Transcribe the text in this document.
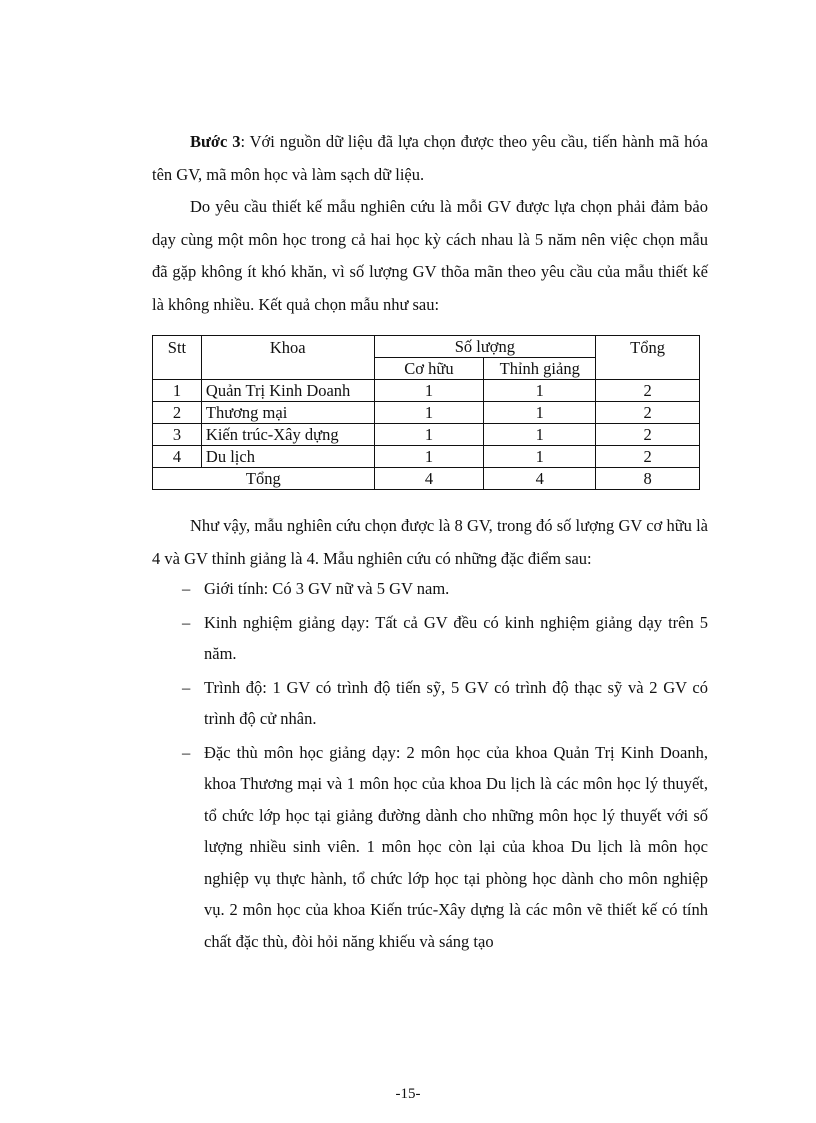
Bước 3: Với nguồn dữ liệu đã lựa chọn được theo yêu cầu, tiến hành mã hóa tên GV, mã môn học và làm sạch dữ liệu.

Do yêu cầu thiết kế mẫu nghiên cứu là mỗi GV được lựa chọn phải đảm bảo dạy cùng một môn học trong cả hai học kỳ cách nhau là 5 năm nên việc chọn mẫu đã gặp không ít khó khăn, vì số lượng GV thõa mãn theo yêu cầu của mẫu thiết kế là không nhiều. Kết quả chọn mẫu như sau:

Stt	Khoa	Số lượng		Tổng
		Cơ hữu	Thỉnh giảng	
1	Quản Trị Kinh Doanh	1	1	2
2	Thương mại	1	1	2
3	Kiến trúc-Xây dựng	1	1	2
4	Du lịch	1	1	2
Tổng		4	4	8

Như vậy, mẫu nghiên cứu chọn được là 8 GV, trong đó số lượng GV cơ hữu là 4 và GV thỉnh giảng là 4. Mẫu nghiên cứu có những đặc điểm sau:

– Giới tính: Có 3 GV nữ và 5 GV nam.
– Kinh nghiệm giảng dạy: Tất cả GV đều có kinh nghiệm giảng dạy trên 5 năm.
– Trình độ: 1 GV có trình độ tiến sỹ, 5 GV có trình độ thạc sỹ và 2 GV có trình độ cử nhân.
– Đặc thù môn học giảng dạy: 2 môn học của khoa Quản Trị Kinh Doanh, khoa Thương mại và 1 môn học của khoa Du lịch là các môn học lý thuyết, tổ chức lớp học tại giảng đường dành cho những môn học lý thuyết với số lượng nhiều sinh viên. 1 môn học còn lại của khoa Du lịch là môn học nghiệp vụ thực hành, tổ chức lớp học tại phòng học dành cho môn nghiệp vụ. 2 môn học của khoa Kiến trúc-Xây dựng là các môn vẽ thiết kế có tính chất đặc thù, đòi hỏi năng khiếu và sáng tạo
-15-
